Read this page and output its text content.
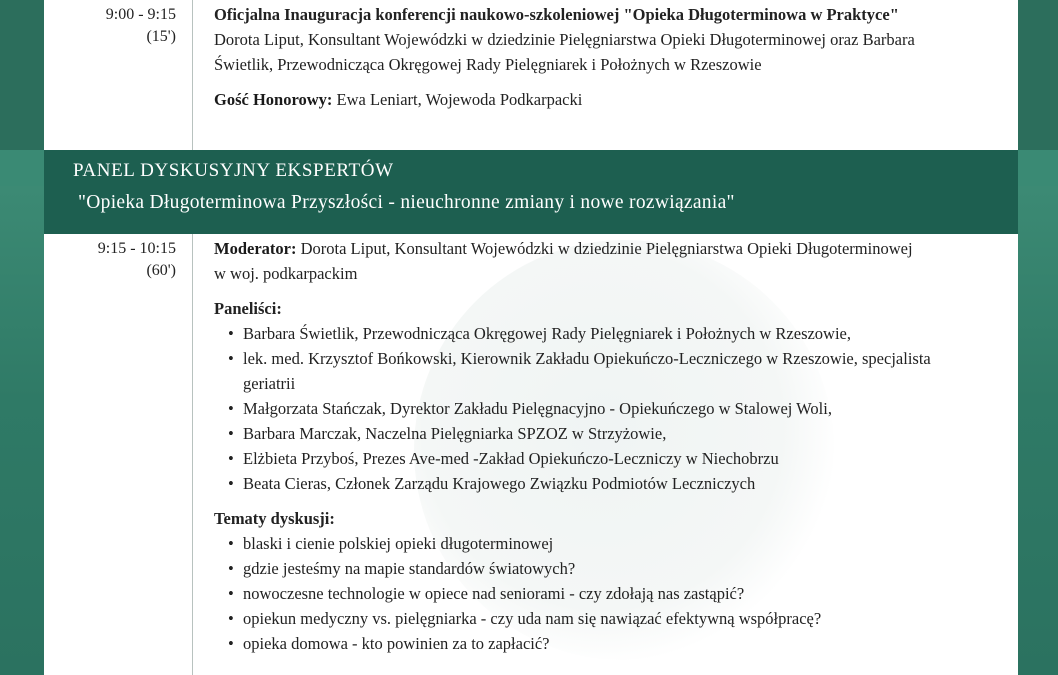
9:00 - 9:15
(15')
Oficjalna Inauguracja konferencji naukowo-szkoleniowej "Opieka Długoterminowa w Praktyce"
Dorota Liput, Konsultant Wojewódzki w dziedzinie Pielęgniarstwa Opieki Długoterminowej oraz Barbara Świetlik, Przewodnicząca Okręgowej Rady Pielęgniarek i Położnych w Rzeszowie
Gość Honorowy: Ewa Leniart, Wojewoda Podkarpacki
PANEL DYSKUSYJNY EKSPERTÓW
"Opieka Długoterminowa Przyszłości - nieuchronne zmiany i nowe rozwiązania"
9:15 - 10:15
(60')
Moderator: Dorota Liput, Konsultant Wojewódzki w dziedzinie Pielęgniarstwa Opieki Długoterminowej w woj. podkarpackim
Paneliści:
• Barbara Świetlik, Przewodnicząca Okręgowej Rady Pielęgniarek i Położnych w Rzeszowie,
• lek. med. Krzysztof Bońkowski, Kierownik Zakładu Opiekuńczo-Leczniczego w Rzeszowie, specjalista geriatrii
• Małgorzata Stańczak, Dyrektor Zakładu Pielęgnacyjno - Opiekuńczego w Stalowej Woli,
• Barbara Marczak, Naczelna Pielęgniarka SPZOZ w Strzyżowie,
• Elżbieta Przyboś, Prezes Ave-med -Zakład Opiekuńczo-Leczniczy w Niechobrzu
• Beata Cieras, Członek Zarządu Krajowego Związku Podmiotów Leczniczych
Tematy dyskusji:
• blaski i cienie polskiej opieki długoterminowej
• gdzie jesteśmy na mapie standardów światowych?
• nowoczesne technologie w opiece nad seniorami - czy zdołają nas zastąpić?
• opiekun medyczny vs. pielęgniarka - czy uda nam się nawiązać efektywną współpracę?
• opieka domowa - kto powinien za to zapłacić?
